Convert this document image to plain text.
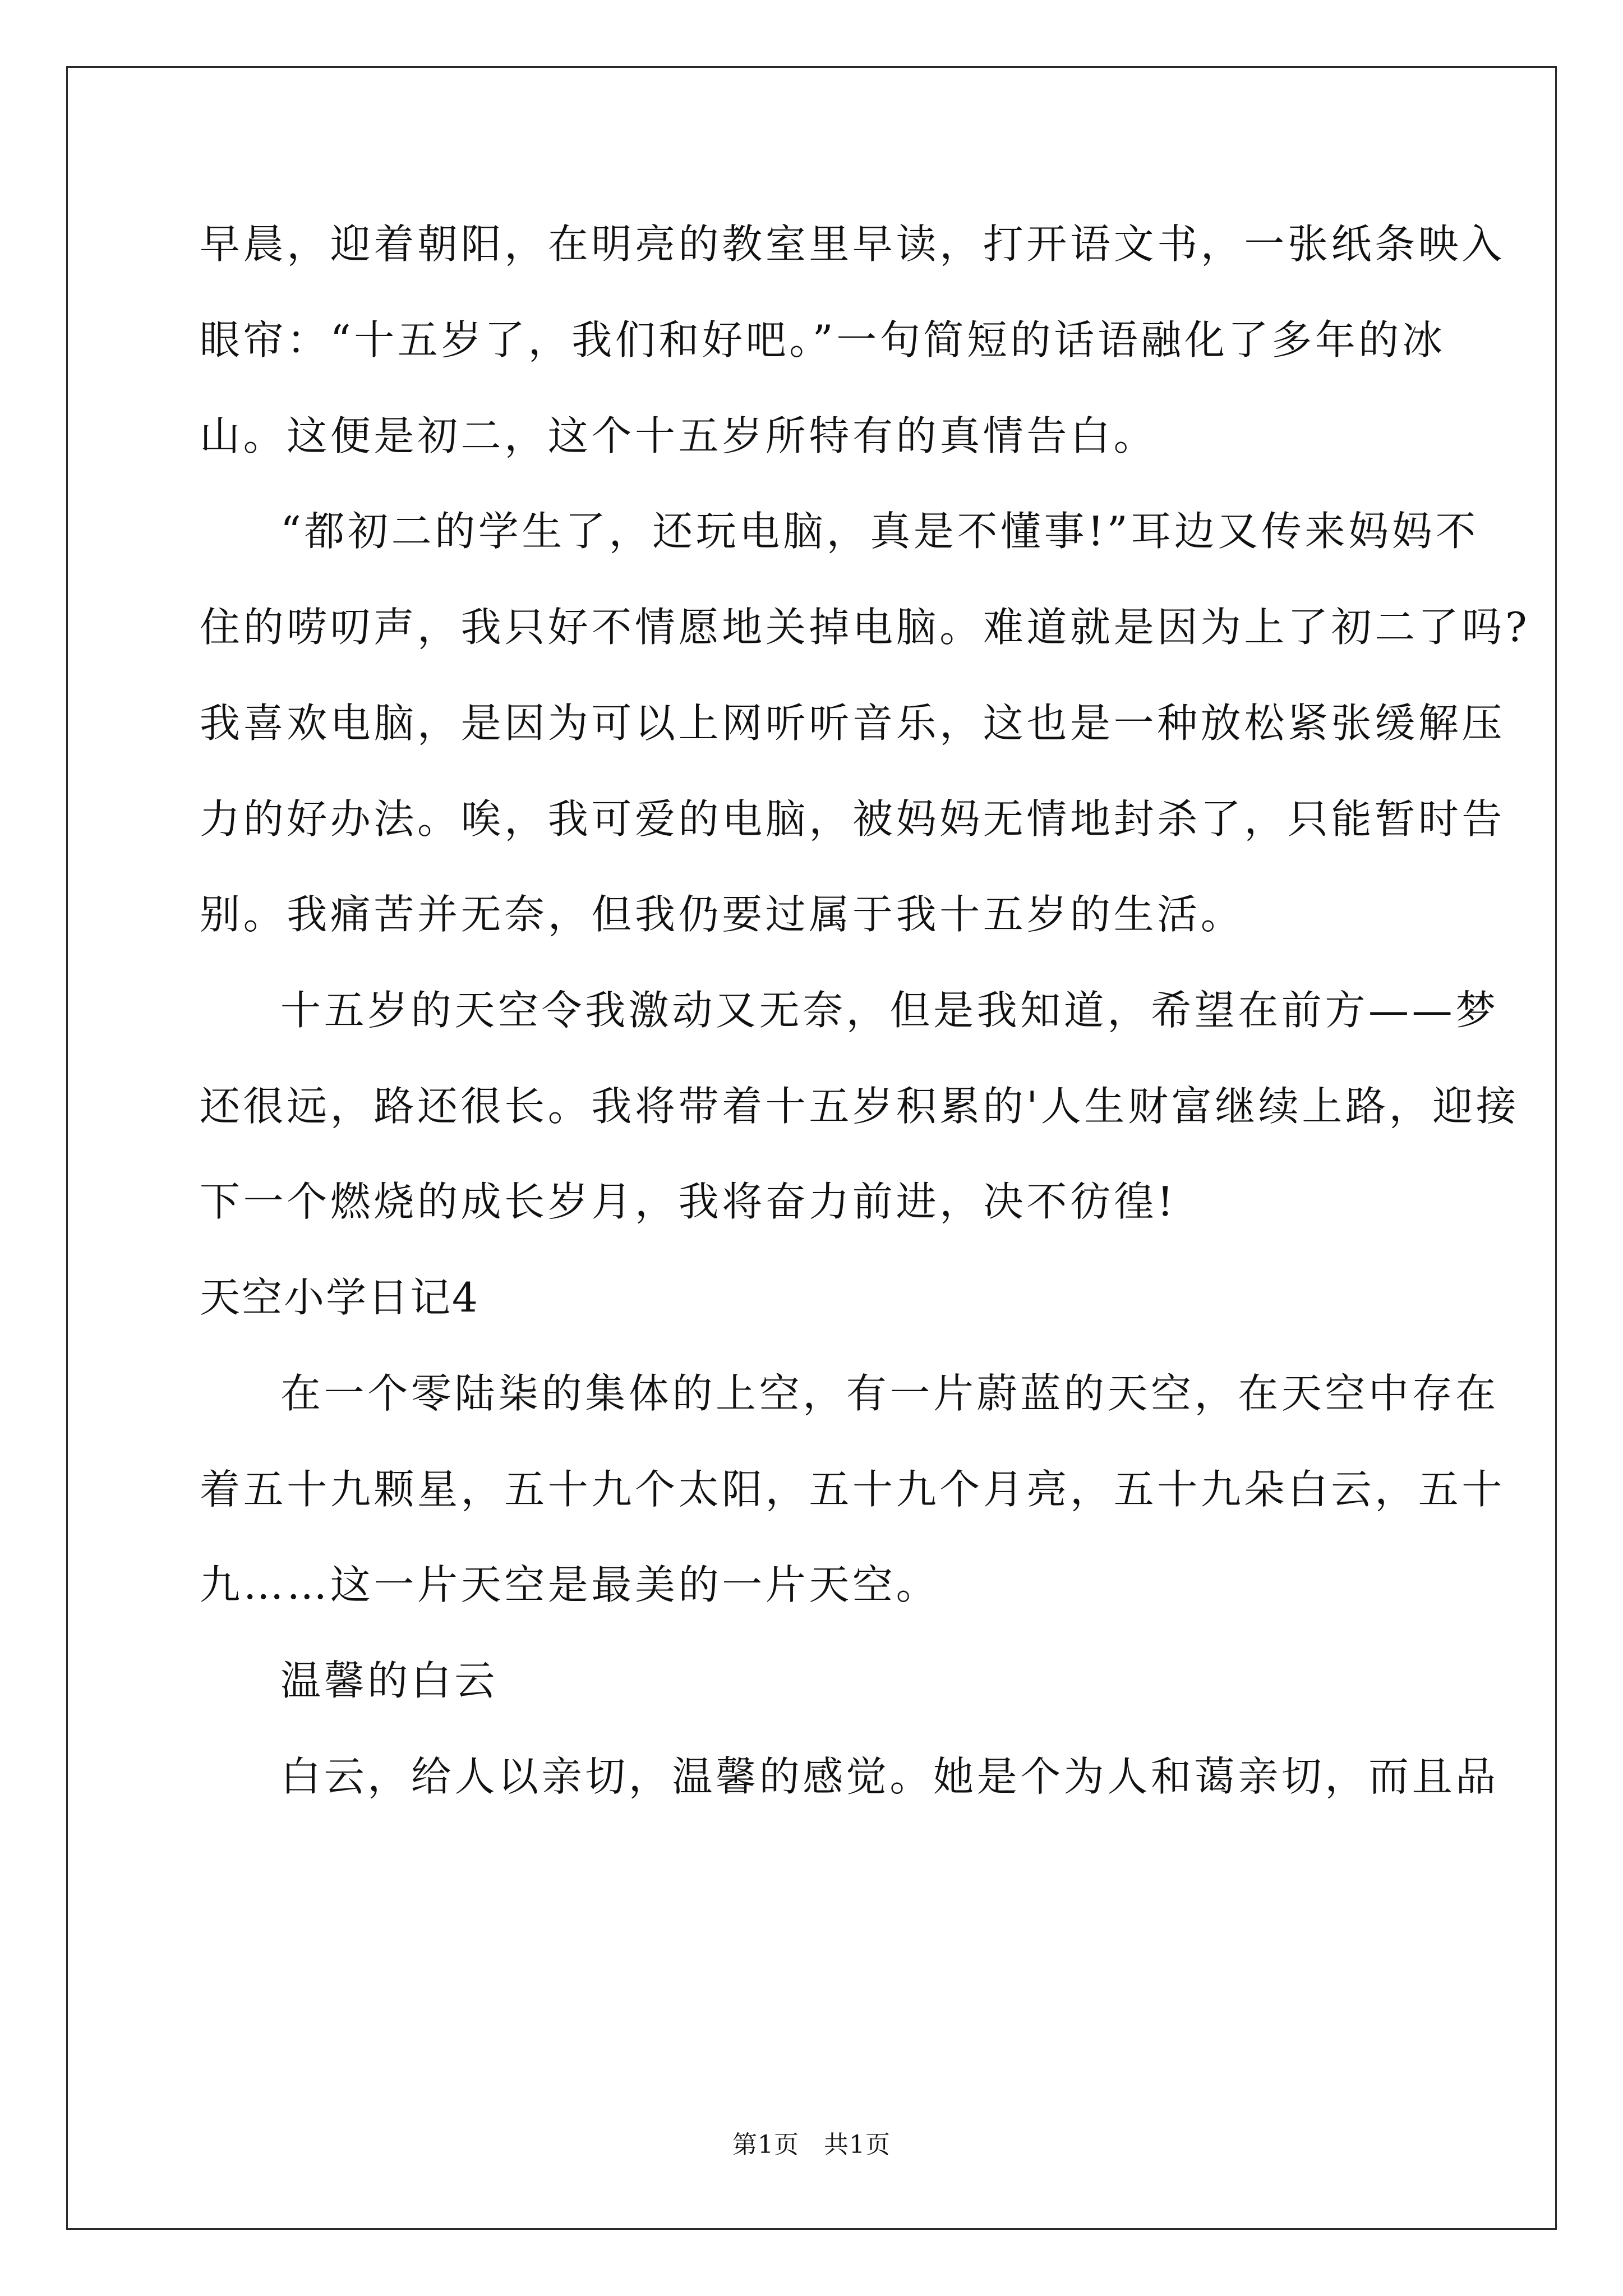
早晨，迎着朝阳，在明亮的教室里早读，打开语文书，一张纸条映入
眼帘：“十五岁了，我们和好吧。”一句简短的话语融化了多年的冰
山。这便是初二，这个十五岁所特有的真情告白。
“都初二的学生了，还玩电脑，真是不懂事!”耳边又传来妈妈不
住的唠叨声，我只好不情愿地关掉电脑。难道就是因为上了初二了吗?
我喜欢电脑，是因为可以上网听听音乐，这也是一种放松紧张缓解压
力的好办法。唉，我可爱的电脑，被妈妈无情地封杀了，只能暂时告
别。我痛苦并无奈，但我仍要过属于我十五岁的生活。
十五岁的天空令我激动又无奈，但是我知道，希望在前方——梦
还很远，路还很长。我将带着十五岁积累的'人生财富继续上路，迎接
下一个燃烧的成长岁月，我将奋力前进，决不彷徨!
天空小学日记4
在一个零陆柒的集体的上空，有一片蔚蓝的天空，在天空中存在
着五十九颗星，五十九个太阳，五十九个月亮，五十九朵白云，五十
九……这一片天空是最美的一片天空。
温馨的白云
白云，给人以亲切，温馨的感觉。她是个为人和蔼亲切，而且品
第1页 共1页
